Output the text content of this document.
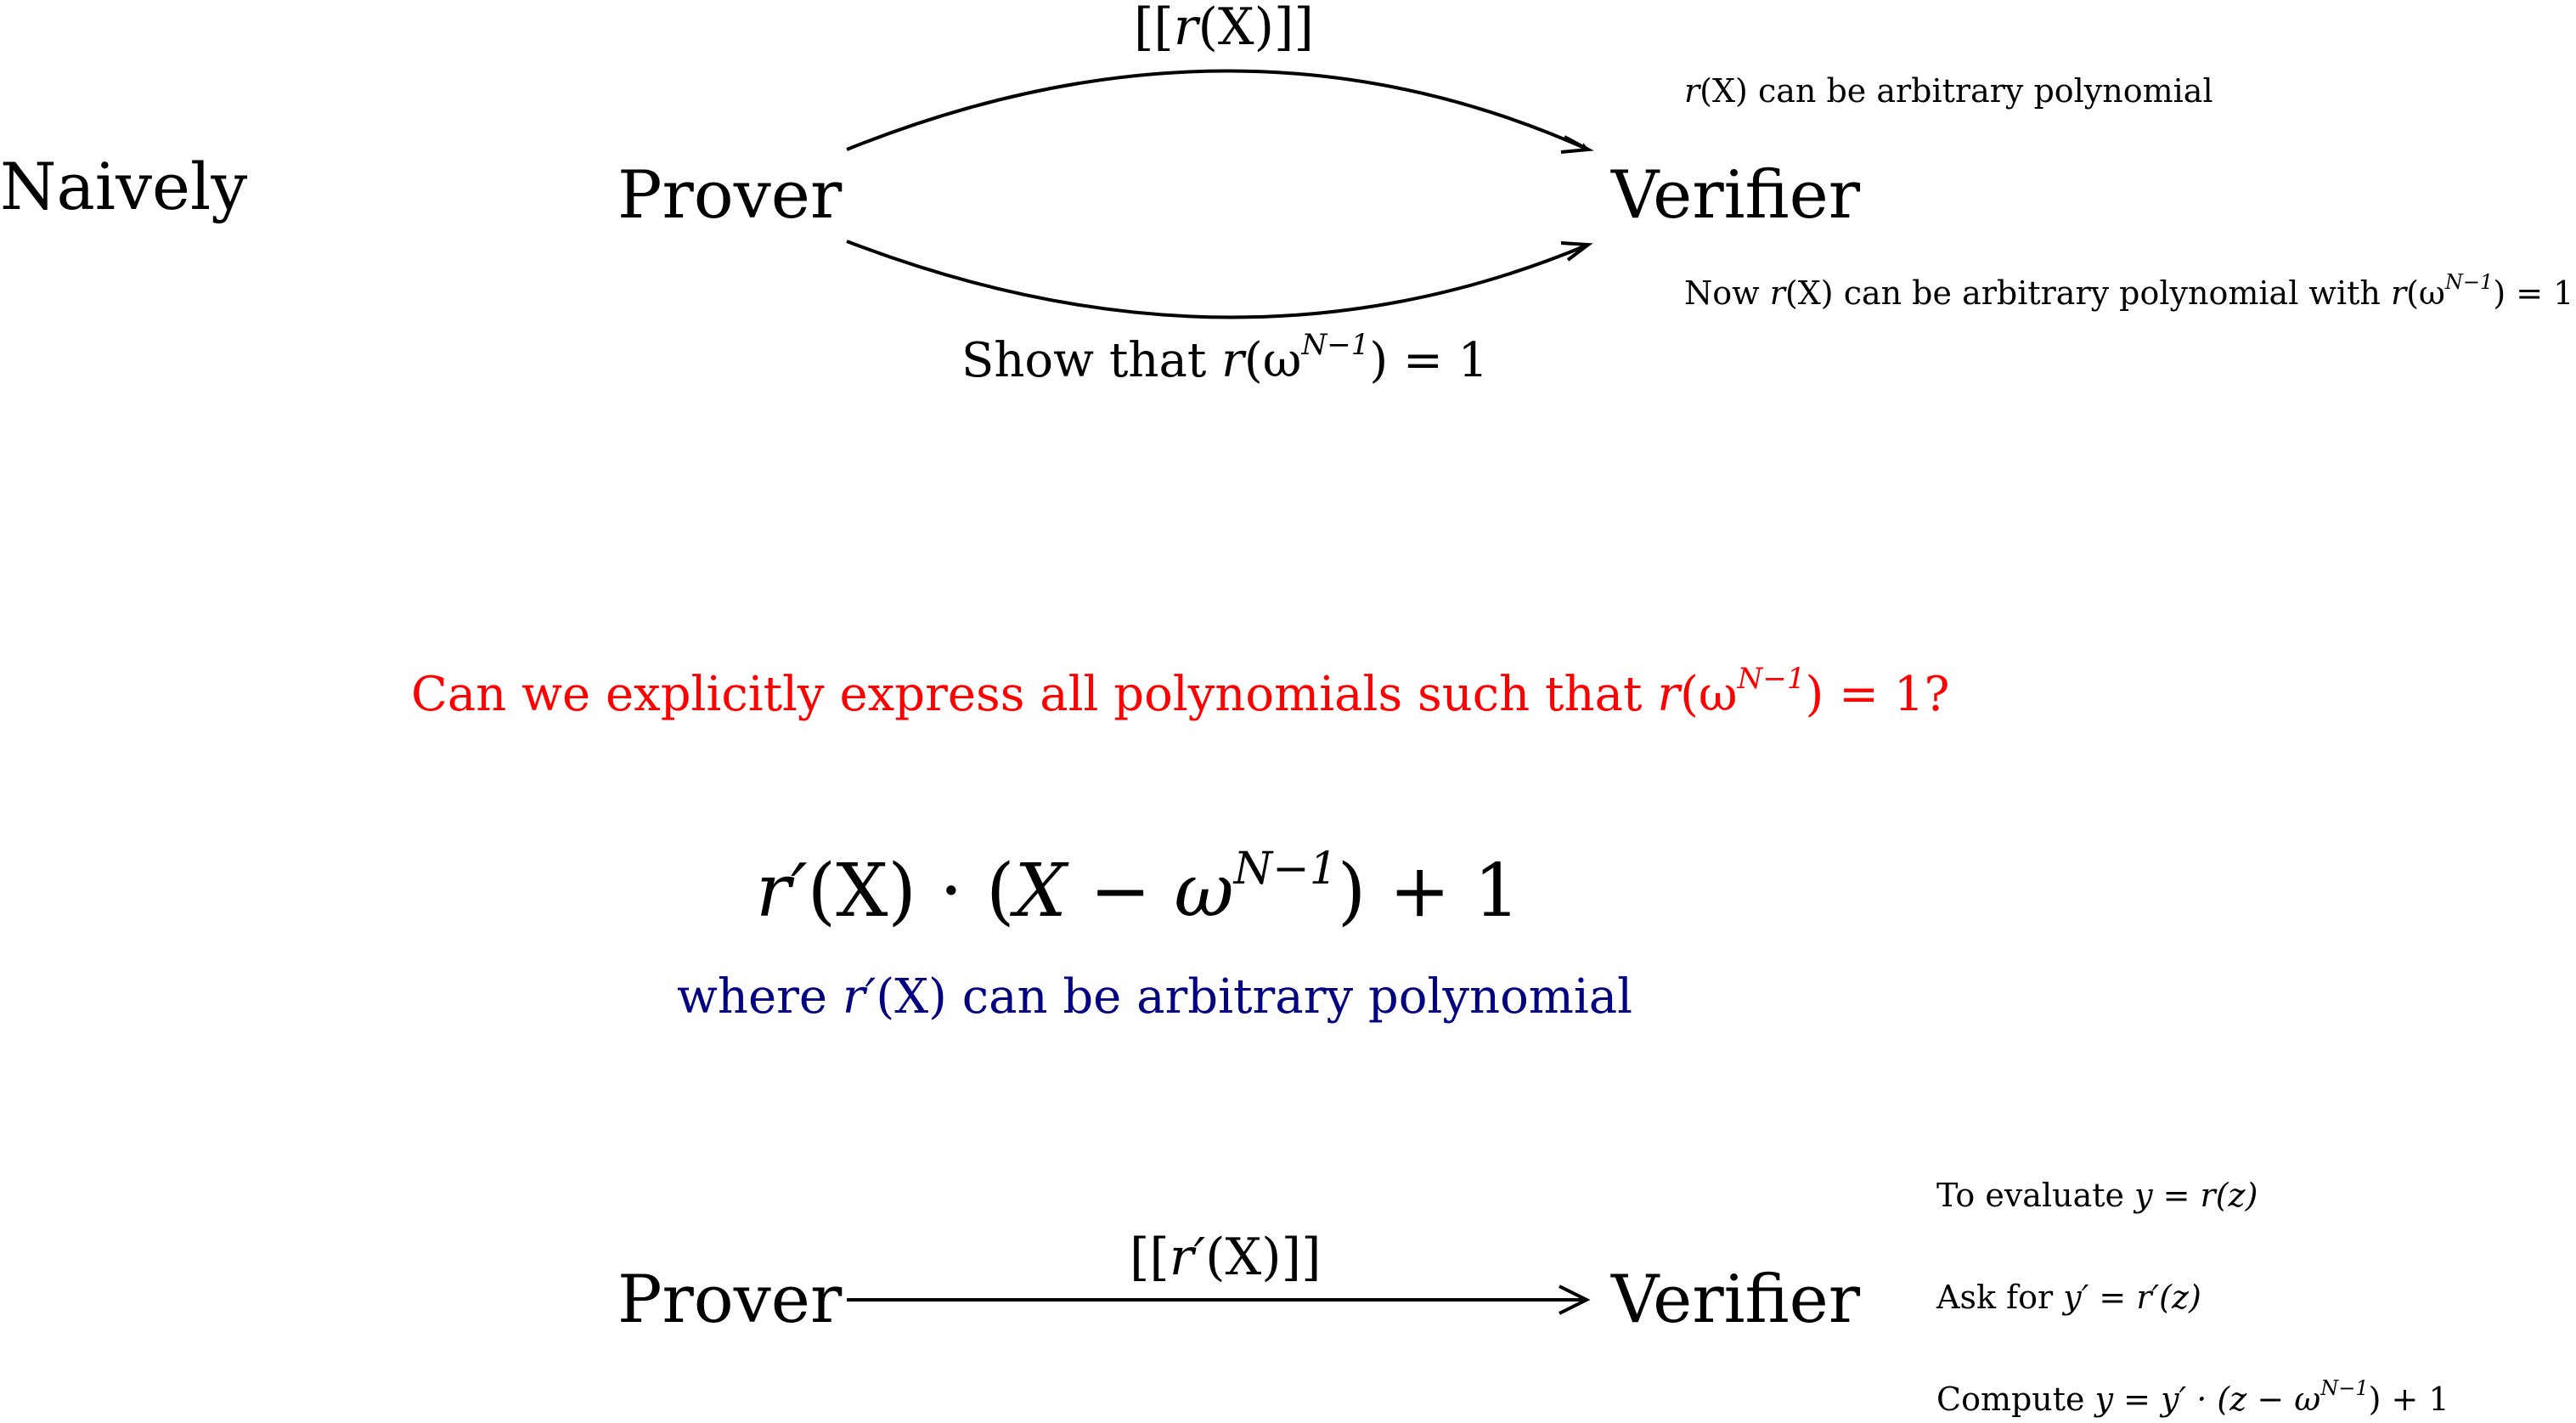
Naively	Prover	Verifier
[[r(X)]]
Show that $r(\omega^{N-1}) = 1$
r(X) can be arbitrary polynomial
Now r(X) can be arbitrary polynomial with $r(\omega^{N-1}) = 1$
Can we explicitly express all polynomials such that $r(\omega^{N-1}) = 1$?
$r'(X) \cdot (X - \omega^{N-1}) + 1$
where r′(X) can be arbitrary polynomial
Prover	Verifier
[[r′(X)]]
To evaluate y = r(z)
Ask for y′ = r′(z)
Compute $y = y' \cdot (z - \omega^{N-1}) + 1$
